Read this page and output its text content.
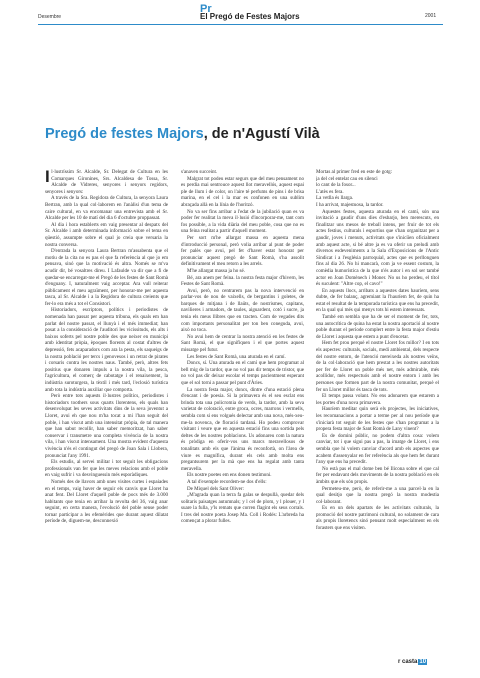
Pr
Desembre	El Pregó de Festes Majors	2001
Pregó de festes Majors, de n'Agustí Vilà

Il·lustríssim Sr. Alcalde, Sr. Delegat de Cultura en les Comarques Gironines, Srs. Alcaldesa de Tossa, Sr. Alcalde de Vidreres, senyores i senyors regidors, senyores i senyors:

A través de la Sra. Regidora de Cultura, la senyora Laura Bertran, amb la qual col·laborem en l'anàlisi d'un tema de caire cultural, en va encomanar una entrevista amb el Sr. Alcalde per les 10 de matí del dia 6 d'octubre proppassat.

Al dia i hora establerts em vaig presentar al despatx del Sr. Alcalde i amb determinada informació sobre el tema en qüestió, assumpte sobre el qual jo creia que versaria la nostra conversa.

D'entrada la senyora Laura Bertran m'assabenta que el motiu de la cita no es pas el que fa referència al que jo em pensava, sinó que la motivació és altra. Només se m'va acudir dir, bé vosaltres direu. I Lafaulde va dir que a fi de quedar-se encarregat-me el Pregó de les festes de Sant Romà d'enguany. I, naturalment vaig acceptar. Ara vull reiterar públicament el meu agraïment, per honorar-me per aquesta tasca, al Sr. Alcalde i a la Regidora de cultura creients que fer-lo era més a tot el Consistori.

Historiadors, escriptors, polítics i periodistes de nomenada han passat per aquesta tribuna, els quals em han parlat del nostre passat, el llunyà i el més immediat; han posat a la consideració de l'auditori les vicissituds, els alts i baixos soferts pel nostre poble des que neixer en municipi amb identitat pròpia, èpoques florents al costat d'altres de depressió, fets acaparadors com ara la pesta, els saqueigs de la nostra població per tercs i genovesos i un retrat de pirates i corsaris contra les nostres naus. També, però, altres fets positius que donaren impuls a la nostra vila, la pesca, l'agricultura, el comerç de cabotatge i el renaixement, la indústria suroturgera, la tèxtil i més tard, l'eclosió turística amb tota la indústria auxiliar que comporta.

Però entre tots aquests il·lustres polítics, periodistes i historiadors toothers sous quarts llorentens, els quals han desenvolupat les seves activitats dins de la seva joventut a Lloret, avui eh que nou m'ha tocat a mi l'han seguit del poble, i han viscut amb una intensitat pròpia, de tal manera que han sabut recollir, han saber memoritzat, han saber conservar i transmetre una completa vivència de la nostra vila, i han viscut intensament. Una mostra evident d'aquesta vivència n'és el contingut del pregó de Joan Sala i Llobera, pronunciat l'any 1991.

Els estudis, al servei militar i tot seguit les obligacions professionals van fer que les meves relacions amb el poble en vaig sufrir i va desvinguessin més esporàdiques.

Només des de llavors amb unes visites curtes i espaiades en el temps, vaig haver de seguir els canvis que Lloret ha anat fent. Del Lloret d'aquell poble de pocs més de 3.000 habitants que tenia en arribar la revolta del 36, vaig anar seguint, en certa manera, l'evolució del poble sense poder tornar participar a les efemèrides que durant aquest dilatat període de, diguem-ne, desconnexió

s'anaven succeint.

Malgrat tot podeu estar segurs que del meu pensament no es perdia mai sentrouce aquest llot meravellós, aquest espai ple de llum i de color, on l'aire té perfums de pins i de brisa marina, en el cel i la mar es confonen en una sublim abraçada allà en la línia de l'horitzó.

No va ser fins arribar a l'edat de la jubilació quan es va poder fer realitat la meva il·lusió d'incorporar-me, tant com fos possible, a la vida diària del meu poble, cosa que no es una feina realitat a partir d'aquell moment.

Per sort m'he allargat massa en aquesta mena d'introducció personal, però volia arribar al punt de poder fer palès que avui, pel fet d'haver estat honorat per pronunciar aquest pregó de Sant Romà, s'ha assolit definitivament el meu retorn a les arrels.

M'he allargat massa ja ho sé.

Bé, ara anem per feina. la nostra festa major d'hivern, les Festes de Sant Romà.

Avui, però, no centrarem pas la nova intervenció en parlar-vos de nou de vaixells, de bergantins i goletes, de barques de mitjana i de llaüts, de nostrismes, capitans, navilieres i armadors, de taules, aiguardent, cotó i sucre, ja tenia els meus llibres que en tracten. Com de vegades dits com importants personalitat per ton ben coneguda, avui, això no toca.

No avui hem de centrar la nostra atenció en les festes de Sant Romà, el que signifiquen i el que portes aquest missatge pel futur.

Les festes de Sant Romà, una aturada en el camí.

Doncs, sí. Una aturada en el camí que hem programat al bell mig de la tardor, que no vol pas dir temps de tristor, que no vol pas dir deixar escolar el temps pacientment esperant que el sol torni a passar pel punt d'Àries.

La nostra festa major, doncs, dintre d'una estació plena d'encant i de poesia. Si la primavera és el seu esclat ens brinda tota una policromia de verds, la tardor, amb la seva varietat de coloració, entre groca, ocres, marrons i vermells, sembla com si ens volgués delectar amb una nova, més-xeu-me-la novenca, de floració tardaná. Ho podeu comprovar visitant i veure que en aquesta estació fins una sortida pels deltes de les nostres poblacions. Us adonareu com la natura és pròdiga en oferir-vos uns marcs meravellosos de tonalitats amb els que l'ànima és reconfortà, on l'àrea de viure es magnífica, durant els cels amb molta ens pregantsurem per la mà que ens ha regalat amb tanta meravella.

Els nostre poetes em ens donen testimoni.

A tal d'exemple recordem-ne dos d'ells:

De Miquel dels Sant Oliver:

„M'agrada quan la terra fa galas se despullà, quedar dels solitaris paisatges autumnals; y l cel de plom, y l plouer, y l suare la fulla, y'ls remats que corren flagint els seus corrals. I tres del nostre poeta Josep Ma. Coll i Rodés: L'arbreda ha començat a plorar fulles.

Mortas al primer fred en este de gotg:

ja del cel entelat cau en silenci

lo cant de la fosor...

L'atès es fera.

La vetlla és llarga.

I ha arrivat, majestuosa, la tardor.

Aquestes festes, aquesta aturada en el camí, són una invitació a gaudir d'uns dies d'esbarjo, ben merescuts, en finalitzar uns mesos de treball intens, per fruir de tot els actes festius, culturals i esportius que s'han organitzat per a gaudir, joves i menuts, activitats que s'iniciïen oficialment amb aquest acte, si bé altre ja es va oferir un preludi amb diversos esdeveniments a la Sala d'Exposicions de l'Antic Sindicat i a l'església parroquial, actes que es perllonguen fins al dia 26. No hi mancarà, com ja ve essent costum, la comèdia humorística de la que n'és autor i en sol ser també actor en Joan Domènech i Moner. No us ho perdeu, el títol és suculent: "Altre cop, el cavo!"

En aquests llocs, arribats a aquestes dates hauríem, sens dubte, de fer balanç, agremiant la l'hauríem fet, de quin ha estat el resultat de la temporada turística que ens ha precedit, en la qual qui més qui menys tots hi estem interessats.

També em sembla que ha de ser el moment de fer, tots, una autocrítica de quina ha estat la nostra aportació al nostre poble durant el període complert entre la festa major d'estiu de Lloret i aquesta que estem a punt d'encetar.

Hem fet prou perquè el nostre Lloret fos millor? I en tots els aspectes: culturals, socials, medi ambiental, dels respecte del nostre entorn, de l'atenció mereixeda als nostres veïns, de la col·laboració que hem prestat a les nostres autoritats per fer de Lloret un poble més net, més admirable, més acollidor, més respectuós amb el nostre entorn i amb les persones que formen part de la nostra comunitat, perquè el fer un Lloret millor és tasca de tots.

El temps passa volant. No ens adonarem que estarem a les portes d'una nova primavera.

Hauríem meditar quin serà els projectes, les iniciatives, les recomanacions a portar a terme per al nou període que s'iniciarà tot seguit de les festes que s'han programat a la propera festa major de Sant Romà de Lany vinent?

Es de domini públic, no podem d'altra cosa: volem canviar, tot i que sigui pas a pas, la imatge de Lloret, i ens sembla que hi volem canviar d'acord amb els aspectes que acabem d'assenyalar en fer referència als que hem fet durant l'any que ens ha precedit.

No està pas el mal dome ben bé Ilicona sobre el que cal fer per endavant dels moviments de la nostra població en els àmbits que els són propis.

Permeteu-me, però, de referir-me a una parcel·la en la qual desitjo que la nostra pregó la nostra modestia col·laborant.

Es en un dels apartats de les activitats culturals, la promoció del nostre patrimoni cultural, no solament de cara als propis lloretencs sinó pensant molt especialment en els forasters que ens visiten.

r casta 10
